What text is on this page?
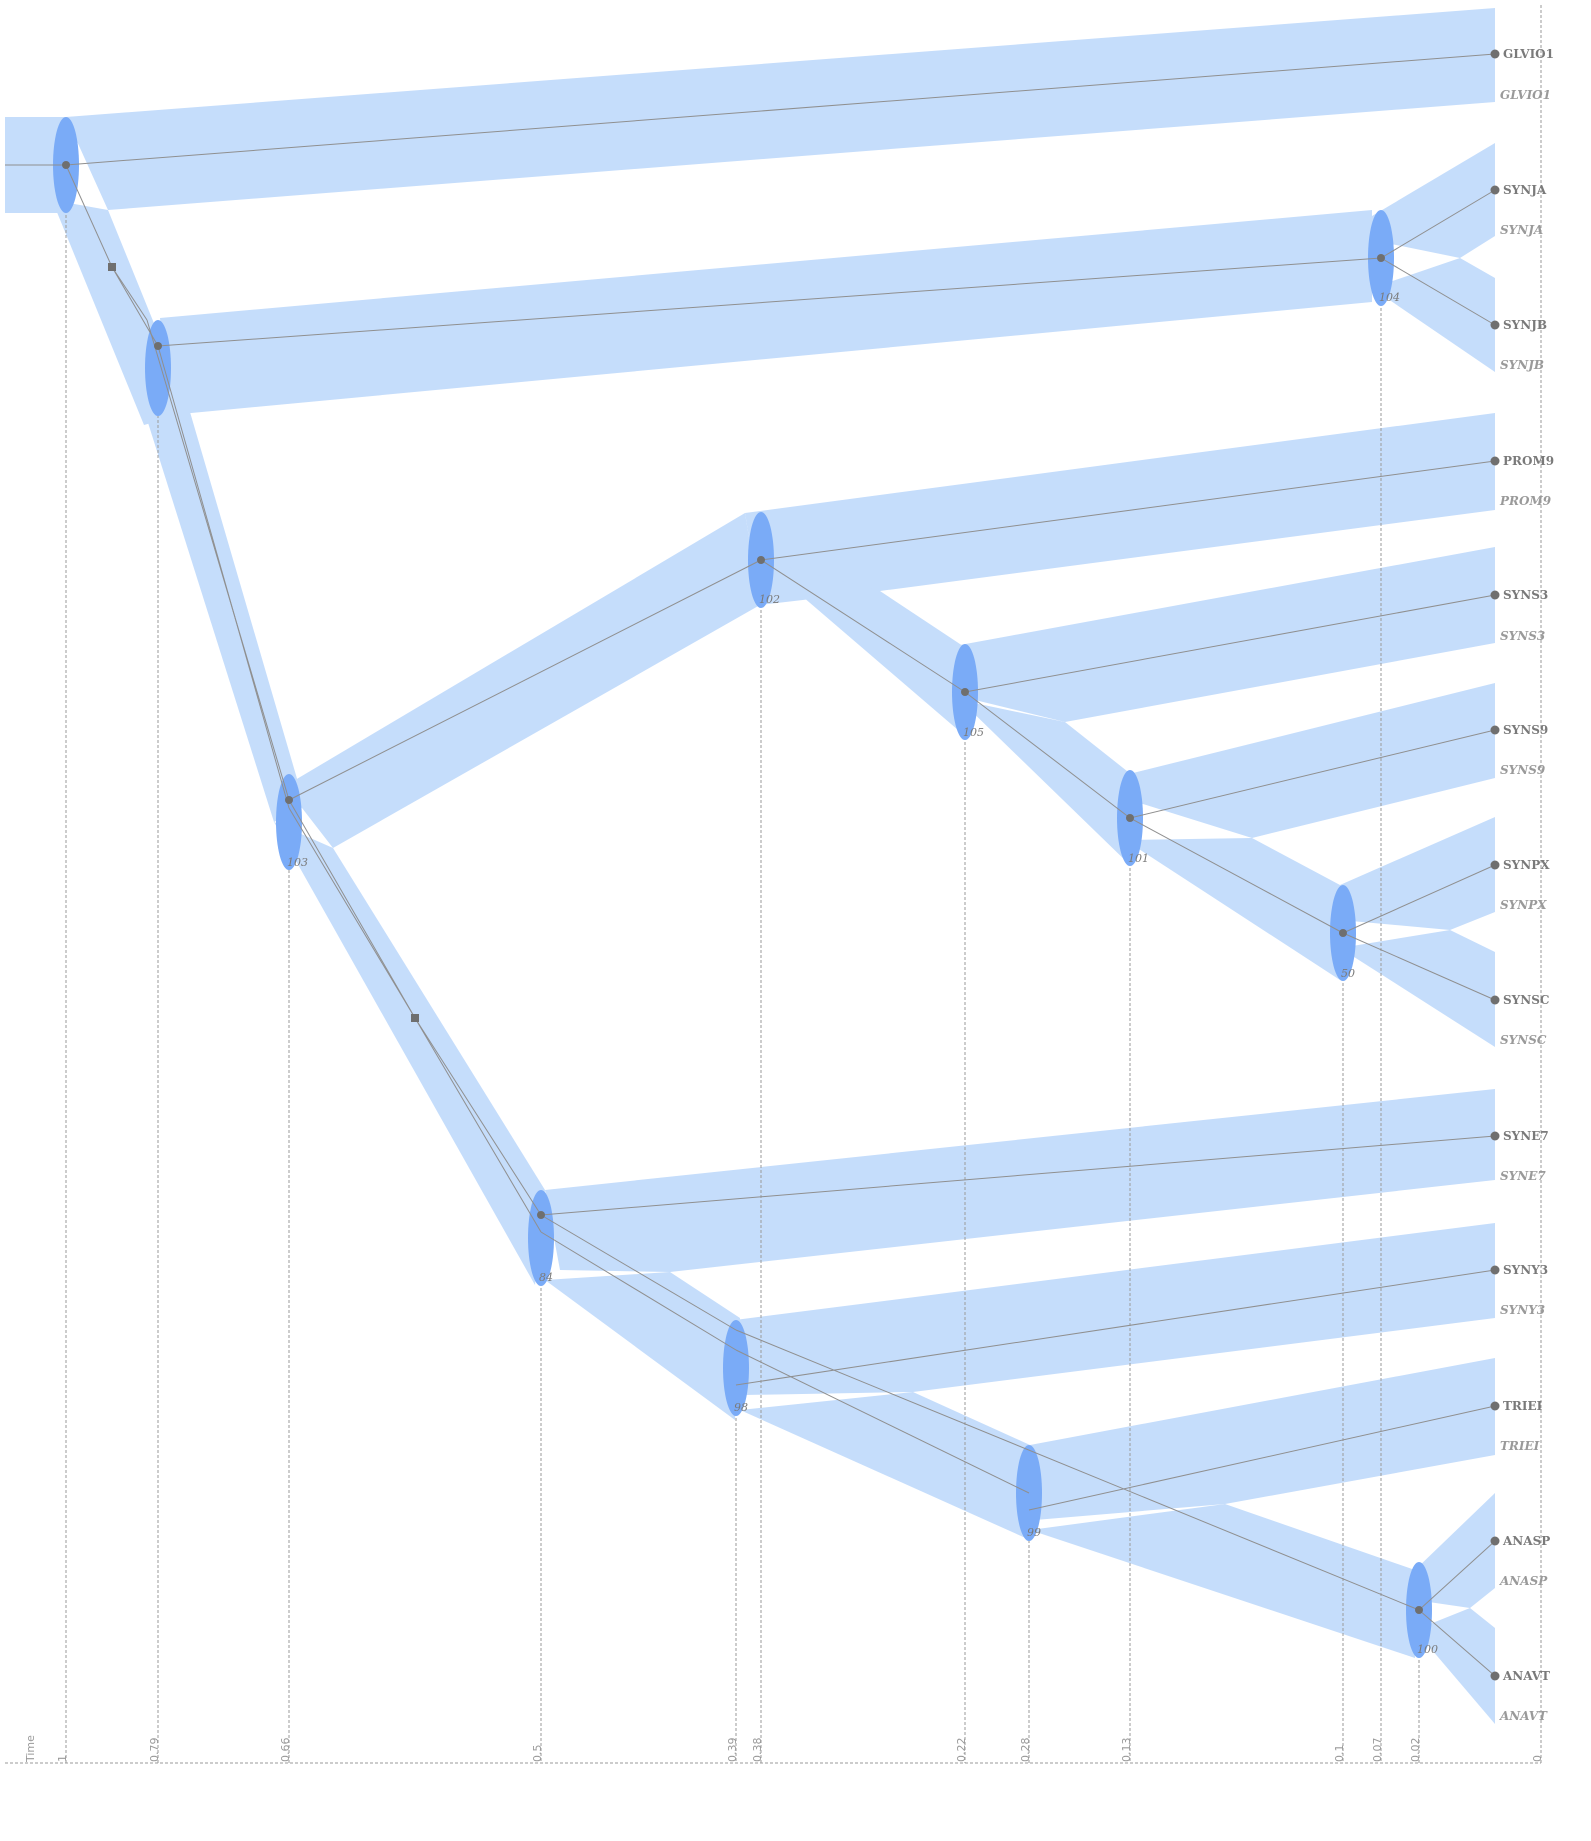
GLVIO1
GLVIO1
SYNJA
SYNJA
SYNJB
SYNJB
PROM9
PROM9
SYNS3
SYNS3
SYNS9
SYNS9
SYNPX
SYNPX
SYNSC
SYNSC
SYNE7
SYNE7
SYNY3
SYNY3
TRIEI
TRIEI
ANASP
ANASP
ANAVT
ANAVT
104
102
105
103	101
50
84
98
99
100
Time 1	0.79	0.66	0.5	0.39 0.38	0.22	0.28	0.13	0.1 0.07 0.02	0
